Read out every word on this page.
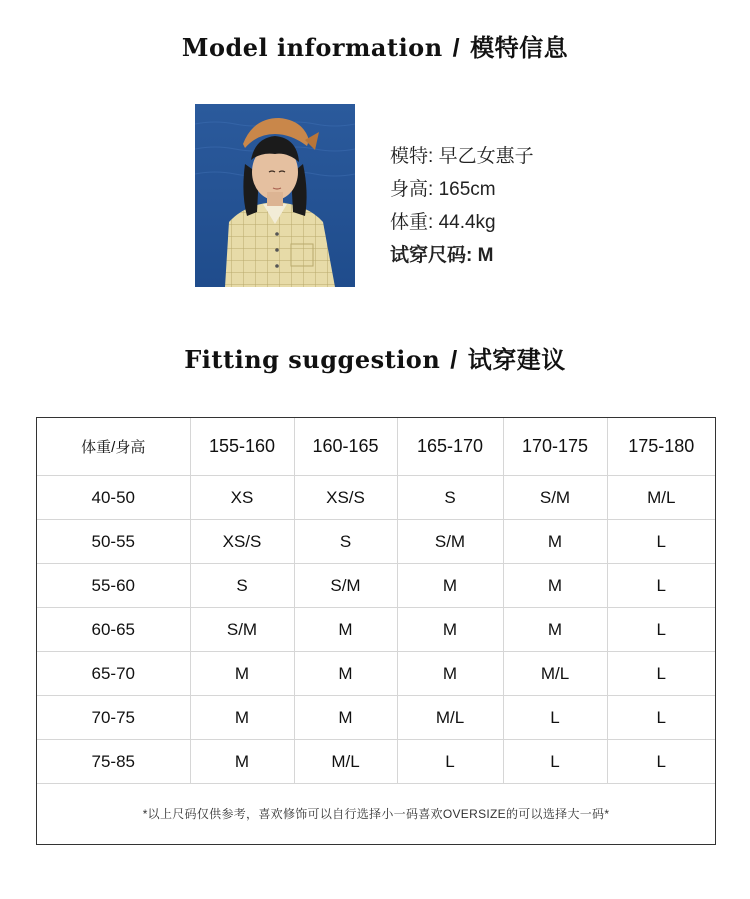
Model information / 模特信息
模特: 早乙女惠子
身高: 165cm
体重: 44.4kg
试穿尺码: M
Fitting suggestion / 试穿建议
体重/身高	155-160	160-165	165-170	170-175	175-180
40-50	XS	XS/S	S	S/M	M/L
50-55	XS/S	S	S/M	M	L
55-60	S	S/M	M	M	L
60-65	S/M	M	M	M	L
65-70	M	M	M	M/L	L
70-75	M	M	M/L	L	L
75-85	M	M/L	L	L	L
*以上尺码仅供参考，喜欢修饰可以自行选择小一码喜欢OVERSIZE的可以选择大一码*
